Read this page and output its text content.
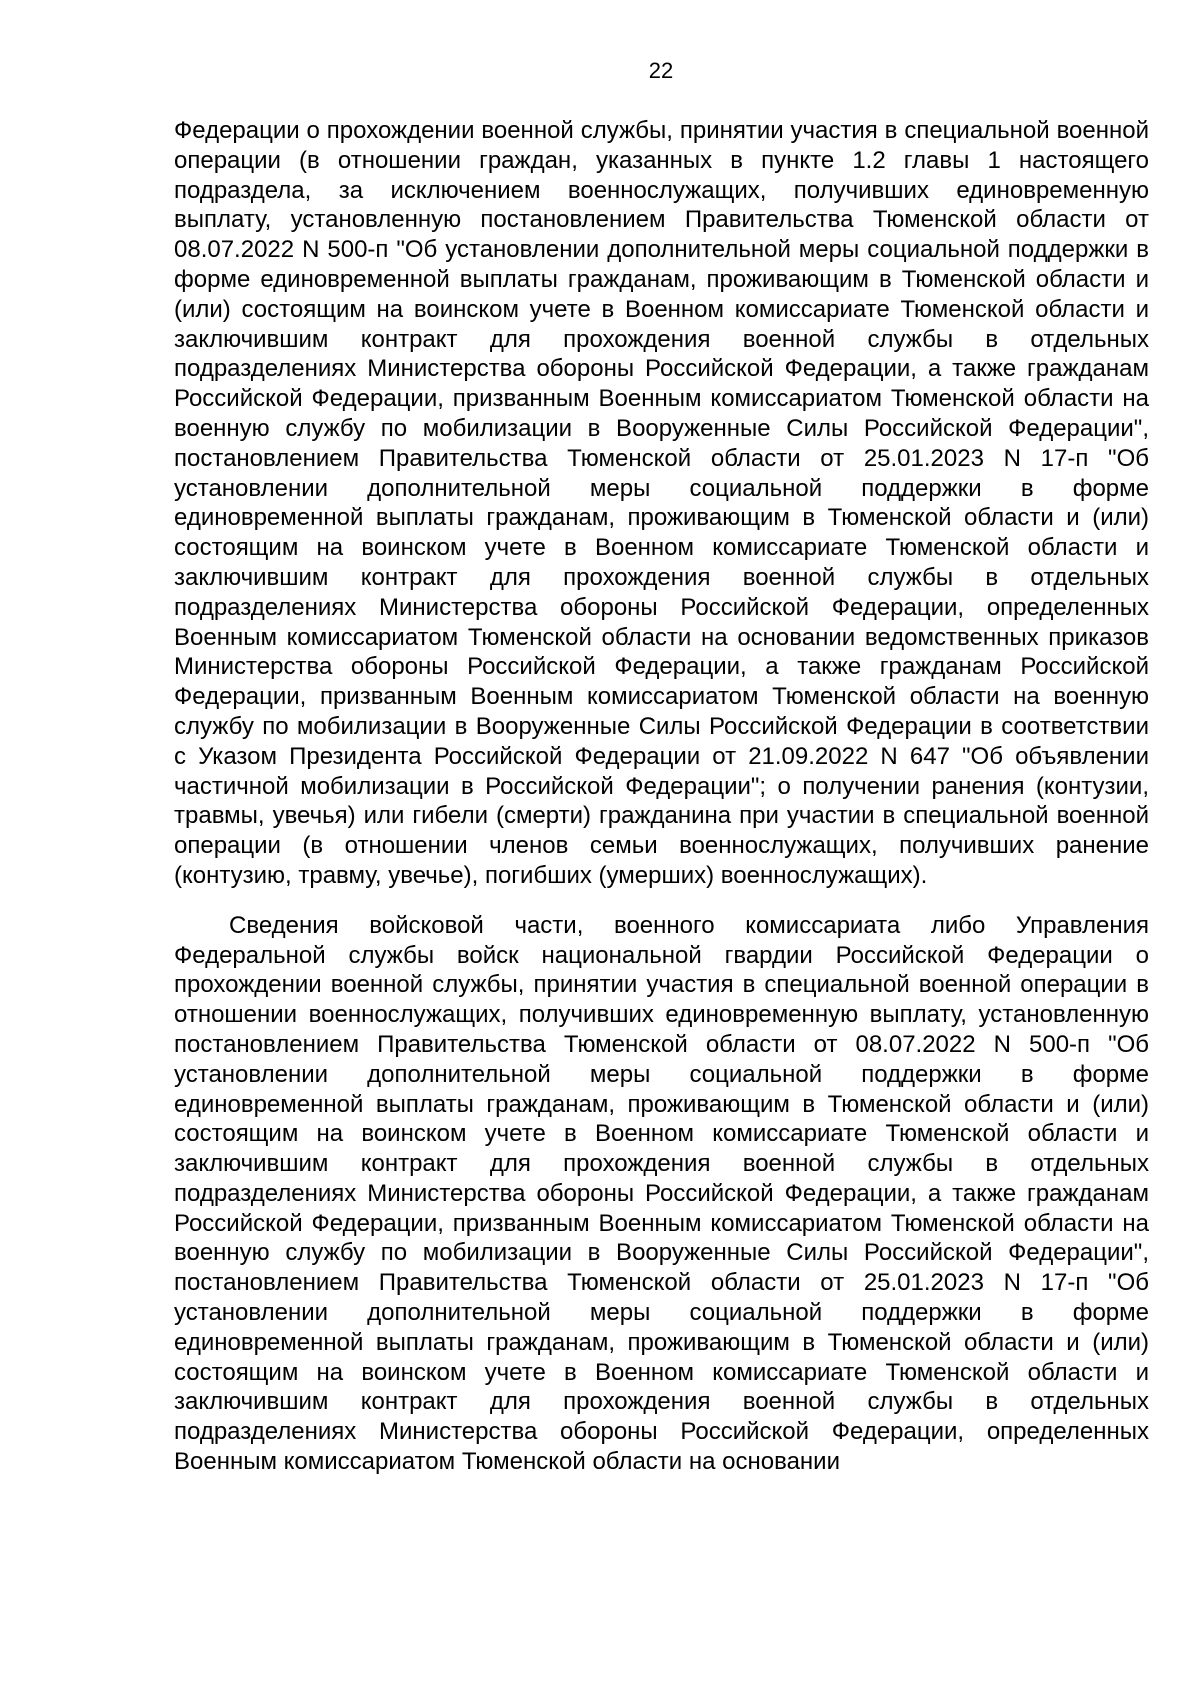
22

Федерации о прохождении военной службы, принятии участия в специальной военной операции (в отношении граждан, указанных в пункте 1.2 главы 1 настоящего подраздела, за исключением военнослужащих, получивших единовременную выплату, установленную постановлением Правительства Тюменской области от 08.07.2022 N 500-п "Об установлении дополнительной меры социальной поддержки в форме единовременной выплаты гражданам, проживающим в Тюменской области и (или) состоящим на воинском учете в Военном комиссариате Тюменской области и заключившим контракт для прохождения военной службы в отдельных подразделениях Министерства обороны Российской Федерации, а также гражданам Российской Федерации, призванным Военным комиссариатом Тюменской области на военную службу по мобилизации в Вооруженные Силы Российской Федерации", постановлением Правительства Тюменской области от 25.01.2023 N 17-п "Об установлении дополнительной меры социальной поддержки в форме единовременной выплаты гражданам, проживающим в Тюменской области и (или) состоящим на воинском учете в Военном комиссариате Тюменской области и заключившим контракт для прохождения военной службы в отдельных подразделениях Министерства обороны Российской Федерации, определенных Военным комиссариатом Тюменской области на основании ведомственных приказов Министерства обороны Российской Федерации, а также гражданам Российской Федерации, призванным Военным комиссариатом Тюменской области на военную службу по мобилизации в Вооруженные Силы Российской Федерации в соответствии с Указом Президента Российской Федерации от 21.09.2022 N 647 "Об объявлении частичной мобилизации в Российской Федерации"; о получении ранения (контузии, травмы, увечья) или гибели (смерти) гражданина при участии в специальной военной операции (в отношении членов семьи военнослужащих, получивших ранение (контузию, травму, увечье), погибших (умерших) военнослужащих).

Сведения войсковой части, военного комиссариата либо Управления Федеральной службы войск национальной гвардии Российской Федерации о прохождении военной службы, принятии участия в специальной военной операции в отношении военнослужащих, получивших единовременную выплату, установленную постановлением Правительства Тюменской области от 08.07.2022 N 500-п "Об установлении дополнительной меры социальной поддержки в форме единовременной выплаты гражданам, проживающим в Тюменской области и (или) состоящим на воинском учете в Военном комиссариате Тюменской области и заключившим контракт для прохождения военной службы в отдельных подразделениях Министерства обороны Российской Федерации, а также гражданам Российской Федерации, призванным Военным комиссариатом Тюменской области на военную службу по мобилизации в Вооруженные Силы Российской Федерации", постановлением Правительства Тюменской области от 25.01.2023 N 17-п "Об установлении дополнительной меры социальной поддержки в форме единовременной выплаты гражданам, проживающим в Тюменской области и (или) состоящим на воинском учете в Военном комиссариате Тюменской области и заключившим контракт для прохождения военной службы в отдельных подразделениях Министерства обороны Российской Федерации, определенных Военным комиссариатом Тюменской области на основании
